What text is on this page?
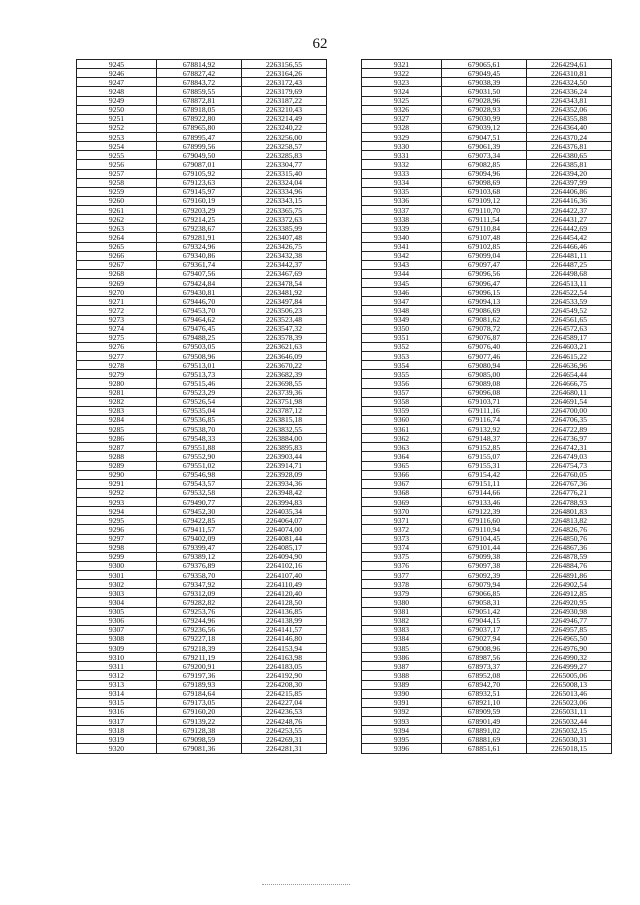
62
9245	678814,92	2263156,55
9246	678827,42	2263164,26
9247	678843,72	2263172,43
9248	678859,55	2263179,69
9249	678872,81	2263187,22
9250	678918,05	2263210,43
9251	678922,80	2263214,49
9252	678965,80	2263240,22
9253	678995,47	2263256,00
9254	678999,56	2263258,57
9255	679049,50	2263285,83
9256	679087,01	2263304,77
9257	679105,92	2263315,40
9258	679123,63	2263324,04
9259	679145,97	2263334,96
9260	679160,19	2263343,15
9261	679203,29	2263365,75
9262	679214,25	2263372,63
9263	679238,67	2263385,99
9264	679281,91	2263407,48
9265	679324,96	2263426,75
9266	679340,86	2263432,38
9267	679361,74	2263442,37
9268	679407,56	2263467,69
9269	679424,84	2263478,54
9270	679430,81	2263481,92
9271	679446,70	2263497,84
9272	679453,70	2263506,23
9273	679464,62	2263523,48
9274	679476,45	2263547,32
9275	679488,25	2263578,39
9276	679503,05	2263621,63
9277	679508,96	2263646,09
9278	679513,01	2263670,22
9279	679513,73	2263682,39
9280	679515,46	2263698,55
9281	679523,29	2263739,36
9282	679526,54	2263751,98
9283	679535,04	2263787,12
9284	679536,85	2263815,18
9285	679538,70	2263832,55
9286	679548,33	2263884,00
9287	679551,88	2263895,83
9288	679552,90	2263903,44
9289	679551,02	2263914,71
9290	679546,98	2263928,09
9291	679543,57	2263934,36
9292	679532,58	2263948,42
9293	679490,77	2263994,83
9294	679452,30	2264035,34
9295	679422,85	2264064,07
9296	679411,57	2264074,00
9297	679402,09	2264081,44
9298	679399,47	2264085,17
9299	679389,12	2264094,90
9300	679376,89	2264102,16
9301	679358,70	2264107,40
9302	679347,92	2264110,49
9303	679312,09	2264120,40
9304	679282,82	2264128,50
9305	679253,76	2264136,85
9306	679244,96	2264138,99
9307	679236,56	2264141,57
9308	679227,18	2264146,80
9309	679218,39	2264153,94
9310	679211,19	2264163,98
9311	679200,91	2264183,05
9312	679197,36	2264192,90
9313	679189,93	2264208,30
9314	679184,64	2264215,85
9315	679173,05	2264227,04
9316	679160,20	2264236,53
9317	679139,22	2264248,76
9318	679128,38	2264253,55
9319	679098,59	2264269,31
9320	679081,36	2264281,31
9321	679065,61	2264294,61
9322	679049,45	2264310,81
9323	679038,39	2264324,50
9324	679031,50	2264336,24
9325	679028,96	2264343,81
9326	679028,93	2264352,06
9327	679030,99	2264355,88
9328	679039,12	2264364,40
9329	679047,51	2264370,24
9330	679061,39	2264376,81
9331	679073,34	2264380,65
9332	679082,85	2264385,81
9333	679094,96	2264394,20
9334	679098,69	2264397,99
9335	679103,68	2264406,86
9336	679109,12	2264416,36
9337	679110,70	2264422,37
9338	679111,54	2264431,27
9339	679110,84	2264442,69
9340	679107,48	2264454,42
9341	679102,85	2264466,46
9342	679099,04	2264481,11
9343	679097,47	2264487,25
9344	679096,56	2264498,68
9345	679096,47	2264513,11
9346	679096,15	2264522,54
9347	679094,13	2264533,59
9348	679086,69	2264549,52
9349	679081,62	2264561,65
9350	679078,72	2264572,63
9351	679076,87	2264589,17
9352	679076,40	2264603,21
9353	679077,46	2264615,22
9354	679080,94	2264636,96
9355	679085,00	2264654,44
9356	679089,08	2264666,75
9357	679096,08	2264680,11
9358	679103,71	2264691,54
9359	679111,16	2264700,00
9360	679116,74	2264706,35
9361	679132,92	2264722,89
9362	679148,37	2264736,97
9363	679152,85	2264742,31
9364	679155,07	2264749,03
9365	679155,31	2264754,73
9366	679154,42	2264760,05
9367	679151,11	2264767,36
9368	679144,66	2264776,21
9369	679133,46	2264788,93
9370	679122,39	2264801,83
9371	679116,60	2264813,82
9372	679110,94	2264826,76
9373	679104,45	2264850,76
9374	679101,44	2264867,36
9375	679099,38	2264878,59
9376	679097,38	2264884,76
9377	679092,39	2264891,86
9378	679079,94	2264902,54
9379	679066,85	2264912,85
9380	679058,31	2264920,95
9381	679051,42	2264930,98
9382	679044,15	2264946,77
9383	679037,17	2264957,85
9384	679027,94	2264965,50
9385	679008,96	2264976,90
9386	678987,56	2264990,32
9387	678973,37	2264999,27
9388	678952,08	2265005,06
9389	678942,70	2265008,13
9390	678932,51	2265013,46
9391	678921,10	2265023,06
9392	678909,59	2265031,11
9393	678901,49	2265032,44
9394	678891,02	2265032,15
9395	678881,69	2265030,31
9396	678851,61	2265018,15
